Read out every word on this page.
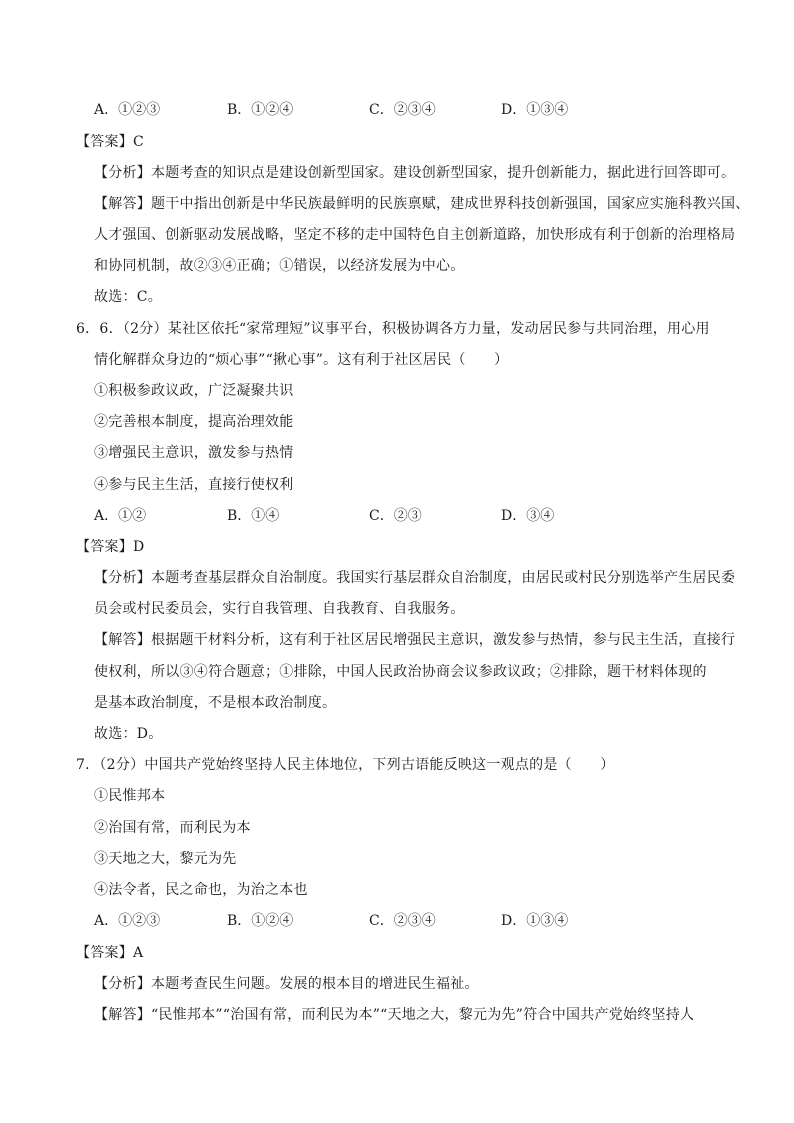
A．①②③	B．①②④	C．②③④	D．①③④
【答案】C
【分析】本题考查的知识点是建设创新型国家。建设创新型国家，提升创新能力，据此进行回答即可。
【解答】题干中指出创新是中华民族最鲜明的民族禀赋，建成世界科技创新强国，国家应实施科教兴国、
人才强国、创新驱动发展战略，坚定不移的走中国特色自主创新道路，加快形成有利于创新的治理格局
和协同机制，故②③④正确；①错误，以经济发展为中心。
故选：C。
6．6．（2分）某社区依托“家常理短”议事平台，积极协调各方力量，发动居民参与共同治理，用心用
情化解群众身边的“烦心事”“揪心事”。这有利于社区居民（　　）
①积极参政议政，广泛凝聚共识
②完善根本制度，提高治理效能
③增强民主意识，激发参与热情
④参与民主生活，直接行使权利
A．①②	B．①④	C．②③	D．③④
【答案】D
【分析】本题考查基层群众自治制度。我国实行基层群众自治制度，由居民或村民分别选举产生居民委
员会或村民委员会，实行自我管理、自我教育、自我服务。
【解答】根据题干材料分析，这有利于社区居民增强民主意识，激发参与热情，参与民主生活，直接行
使权利，所以③④符合题意；①排除，中国人民政治协商会议参政议政；②排除，题干材料体现的
是基本政治制度，不是根本政治制度。
故选：D。
7．（2分）中国共产党始终坚持人民主体地位，下列古语能反映这一观点的是（　　）
①民惟邦本
②治国有常，而利民为本
③天地之大，黎元为先
④法令者，民之命也，为治之本也
A．①②③	B．①②④	C．②③④	D．①③④
【答案】A
【分析】本题考查民生问题。发展的根本目的增进民生福祉。
【解答】“民惟邦本”“治国有常，而利民为本”“天地之大，黎元为先”符合中国共产党始终坚持人
